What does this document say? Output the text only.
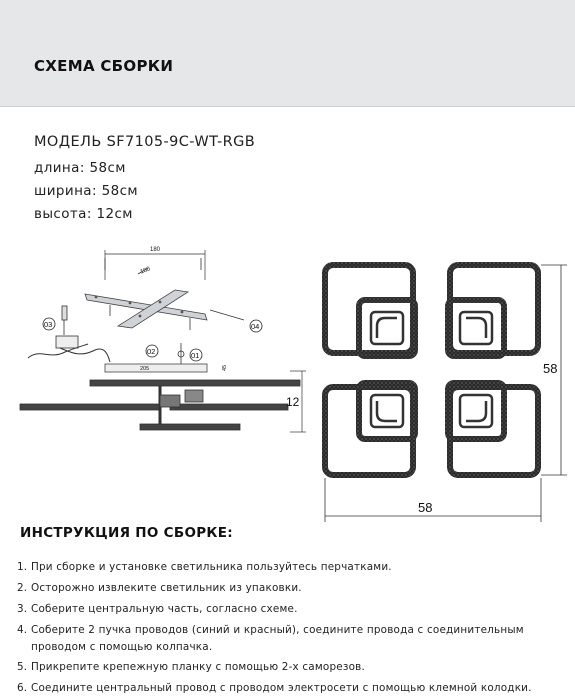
СХЕМА СБОРКИ
МОДЕЛЬ SF7105-9C-WT-RGB
длина: 58см
ширина: 58см
высота: 12см
180
180
04
03
02	01
205	45
12
58
58
ИНСТРУКЦИЯ ПО СБОРКЕ:
1. При сборке и установке светильника пользуйтесь перчатками.
2. Осторожно извлеките светильник из упаковки.
3. Соберите центральную часть, согласно схеме.
4. Соберите 2 пучка проводов (синий и красный), соедините провода с соединительным
проводом с помощью колпачка.
5. Прикрепите крепежную планку с помощью 2-х саморезов.
6. Соедините центральный провод с проводом электросети с помощью клемной колодки.
